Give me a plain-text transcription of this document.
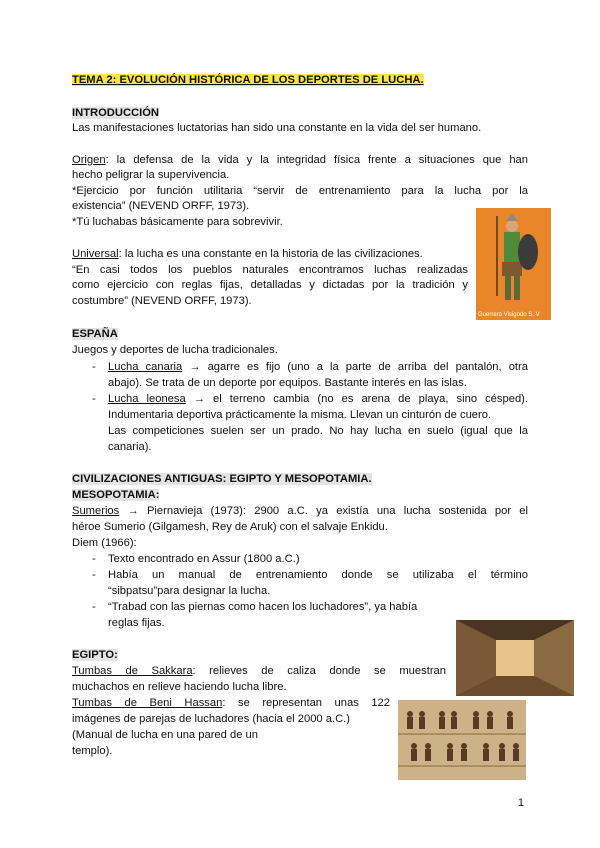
TEMA 2: EVOLUCIÓN HISTÓRICA DE LOS DEPORTES DE LUCHA.
INTRODUCCIÓN
Las manifestaciones luctatorias han sido una constante en la vida del ser humano.
Origen: la defensa de la vida y la integridad física frente a situaciones que han
hecho peligrar la supervivencia.
*Ejercicio por función utilitaria “servir de entrenamiento para la lucha por la
existencia” (NEVEND ORFF, 1973).
*Tú luchabas básicamente para sobrevivir.
Universal: la lucha es una constante en la historia de las civilizaciones.
“En casi todos los pueblos naturales encontramos luchas realizadas
como ejercicio con reglas fijas, detalladas y dictadas por la tradición y
costumbre” (NEVEND ORFF, 1973).
ESPAÑA
Juegos y deportes de lucha tradicionales.
- Lucha canaria → agarre es fijo (uno a la parte de arriba del pantalón, otra
abajo). Se trata de un deporte por equipos. Bastante interés en las islas.
- Lucha leonesa → el terreno cambia (no es arena de playa, sino césped).
Indumentaria deportiva prácticamente la misma. Llevan un cinturón de cuero.
Las competiciones suelen ser un prado. No hay lucha en suelo (igual que la
canaria).
CIVILIZACIONES ANTIGUAS: EGIPTO Y MESOPOTAMIA.
MESOPOTAMIA:
Sumerios → Piernavieja (1973): 2900 a.C. ya existía una lucha sostenida por el
héroe Sumerio (Gilgamesh, Rey de Aruk) con el salvaje Enkidu.
Diem (1966):
- Texto encontrado en Assur (1800 a.C.)
- Había un manual de entrenamiento donde se utilizaba el término
“sibpatsu”para designar la lucha.
- “Trabad con las piernas como hacen los luchadores”, ya había
reglas fijas.
EGIPTO:
Tumbas de Sakkara: relieves de caliza donde se muestran
muchachos en relieve haciendo lucha libre.
Tumbas de Beni Hassan: se representan unas 122
imágenes de parejas de luchadores (hacia el 2000 a.C.)
(Manual de lucha en una pared de un
templo).
Guerrero Visigodo S. V
1
